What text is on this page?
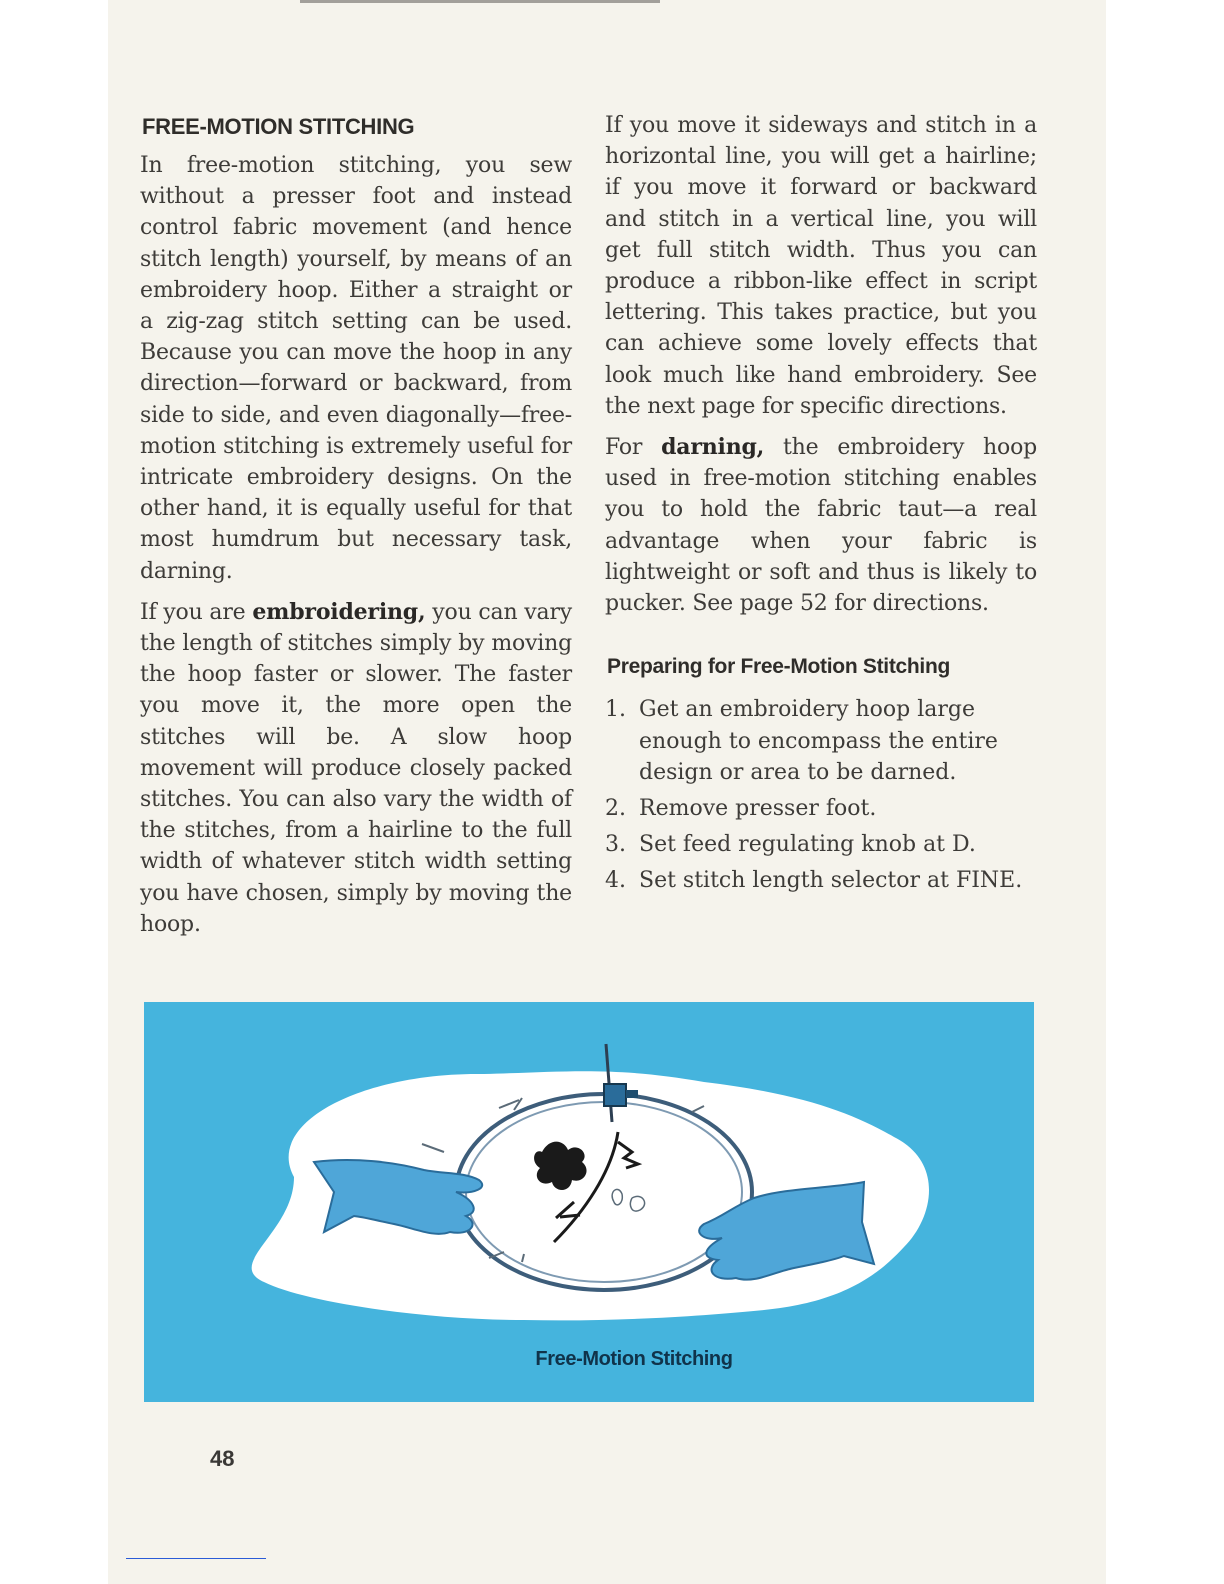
FREE-MOTION STITCHING

In free-motion stitching, you sew without a presser foot and instead control fabric movement (and hence stitch length) yourself, by means of an embroidery hoop. Either a straight or a zig-zag stitch setting can be used. Because you can move the hoop in any direction—forward or backward, from side to side, and even diagonally—free-motion stitching is extremely useful for intricate embroidery designs. On the other hand, it is equally useful for that most humdrum but necessary task, darning.

If you are embroidering, you can vary the length of stitches simply by moving the hoop faster or slower. The faster you move it, the more open the stitches will be. A slow hoop movement will produce closely packed stitches. You can also vary the width of the stitches, from a hairline to the full width of whatever stitch width setting you have chosen, simply by moving the hoop.

If you move it sideways and stitch in a horizontal line, you will get a hairline; if you move it forward or backward and stitch in a vertical line, you will get full stitch width. Thus you can produce a ribbon-like effect in script lettering. This takes practice, but you can achieve some lovely effects that look much like hand embroidery. See the next page for specific directions.

For darning, the embroidery hoop used in free-motion stitching enables you to hold the fabric taut—a real advantage when your fabric is lightweight or soft and thus is likely to pucker. See page 52 for directions.

Preparing for Free-Motion Stitching
1. Get an embroidery hoop large enough to encompass the entire design or area to be darned.
2. Remove presser foot.
3. Set feed regulating knob at D.
4. Set stitch length selector at FINE.
Free-Motion Stitching
48
